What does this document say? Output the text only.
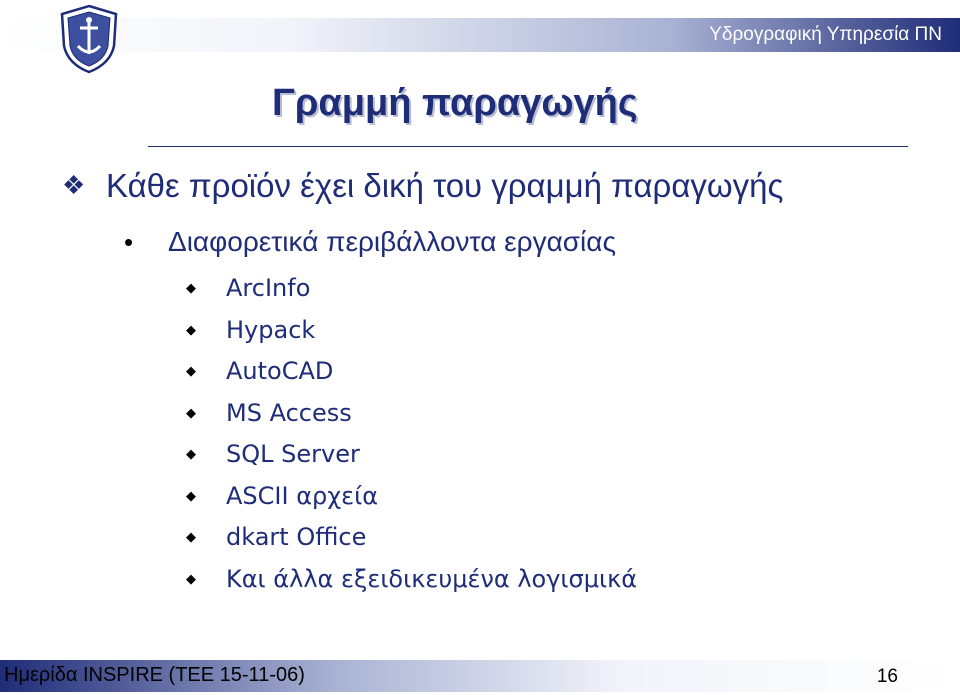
Υδρογραφική Υπηρεσία ΠΝ
Γραμμή παραγωγής
❖ Κάθε προϊόν έχει δική του γραμμή παραγωγής
• Διαφορετικά περιβάλλοντα εργασίας
◆ ArcInfo
◆ Hypack
◆ AutoCAD
◆ MS Access
◆ SQL Server
◆ ASCII αρχεία
◆ dkart Office
◆ Και άλλα εξειδικευμένα λογισμικά
Ημερίδα INSPIRE (ΤΕΕ 15-11-06)	16
